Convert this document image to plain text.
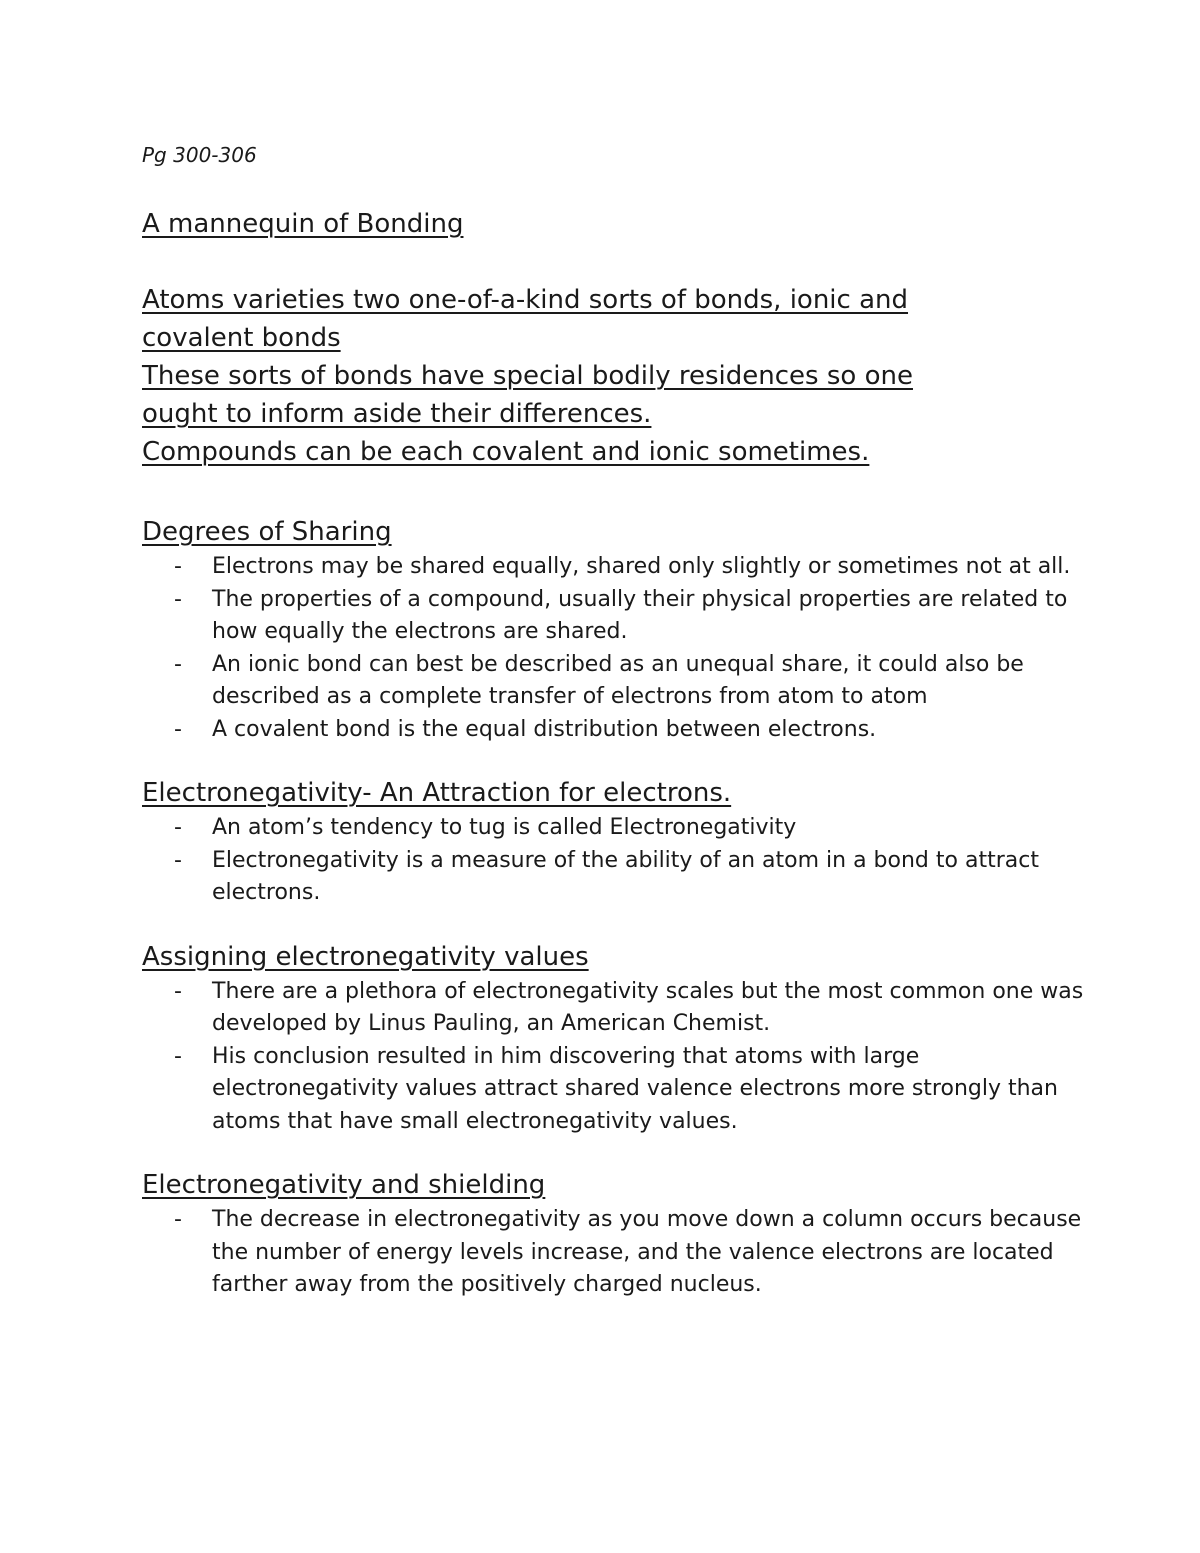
Pg 300-306
A mannequin of Bonding
Atoms varieties two one-of-a-kind sorts of bonds, ionic and
covalent bonds
These sorts of bonds have special bodily residences so one
ought to inform aside their differences.
Compounds can be each covalent and ionic sometimes.
Degrees of Sharing
- Electrons may be shared equally, shared only slightly or sometimes not at all.
- The properties of a compound, usually their physical properties are related to how equally the electrons are shared.
- An ionic bond can best be described as an unequal share, it could also be described as a complete transfer of electrons from atom to atom
- A covalent bond is the equal distribution between electrons.
Electronegativity- An Attraction for electrons.
- An atom’s tendency to tug is called Electronegativity
- Electronegativity is a measure of the ability of an atom in a bond to attract electrons.
Assigning electronegativity values
- There are a plethora of electronegativity scales but the most common one was developed by Linus Pauling, an American Chemist.
- His conclusion resulted in him discovering that atoms with large electronegativity values attract shared valence electrons more strongly than atoms that have small electronegativity values.
Electronegativity and shielding
- The decrease in electronegativity as you move down a column occurs because the number of energy levels increase, and the valence electrons are located farther away from the positively charged nucleus.
